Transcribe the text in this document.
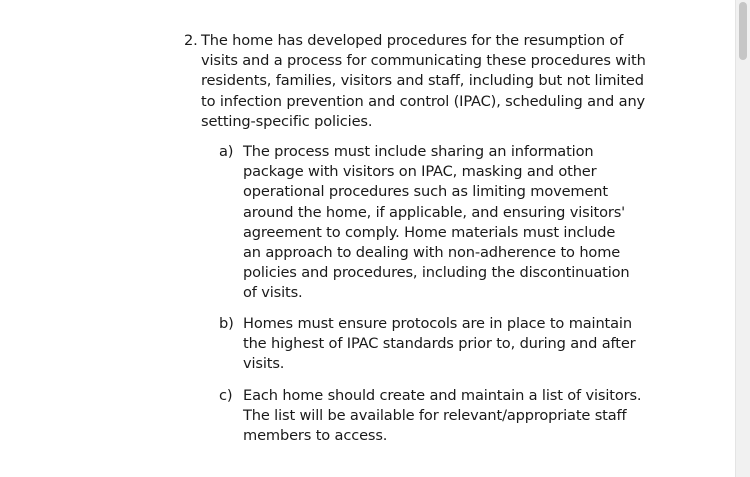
2. The home has developed procedures for the resumption of
visits and a process for communicating these procedures with
residents, families, visitors and staff, including but not limited
to infection prevention and control (IPAC), scheduling and any
setting-specific policies.
a) The process must include sharing an information
package with visitors on IPAC, masking and other
operational procedures such as limiting movement
around the home, if applicable, and ensuring visitors'
agreement to comply. Home materials must include
an approach to dealing with non-adherence to home
policies and procedures, including the discontinuation
of visits.
b) Homes must ensure protocols are in place to maintain
the highest of IPAC standards prior to, during and after
visits.
c) Each home should create and maintain a list of visitors.
The list will be available for relevant/appropriate staff
members to access.
